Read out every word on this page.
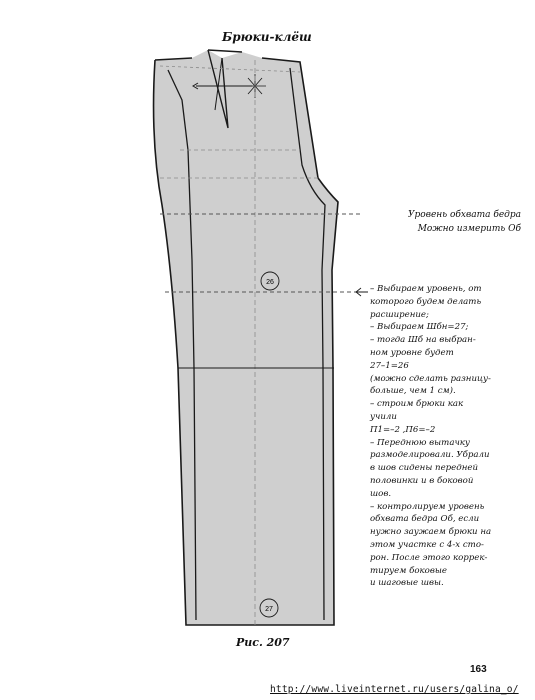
Брюки-клёш
26
27
Уровень обхвата бедра
Можно измерить Об
– Выбираем уровень, от
которого будем делать
расширение;
– Выбираем Шбн=27;
– тогда Шб на выбран-
ном уровне будет
27–1=26
(можно сделать разницу-
больше, чем 1 см).
– строим брюки как
учили
П1=–2 ,П6=–2
– Переднюю вытачку
размоделировали. Убрали
в шов сидены передней
половинки и в боковой
шов.
– контролируем уровень
обхвата бедра Об, если
нужно заужаем брюки на
этом участке с 4-х сто-
рон. После этого коррек-
тируем боковые
и шаговые швы.
Рис. 207
163
http://www.liveinternet.ru/users/galina_o/
